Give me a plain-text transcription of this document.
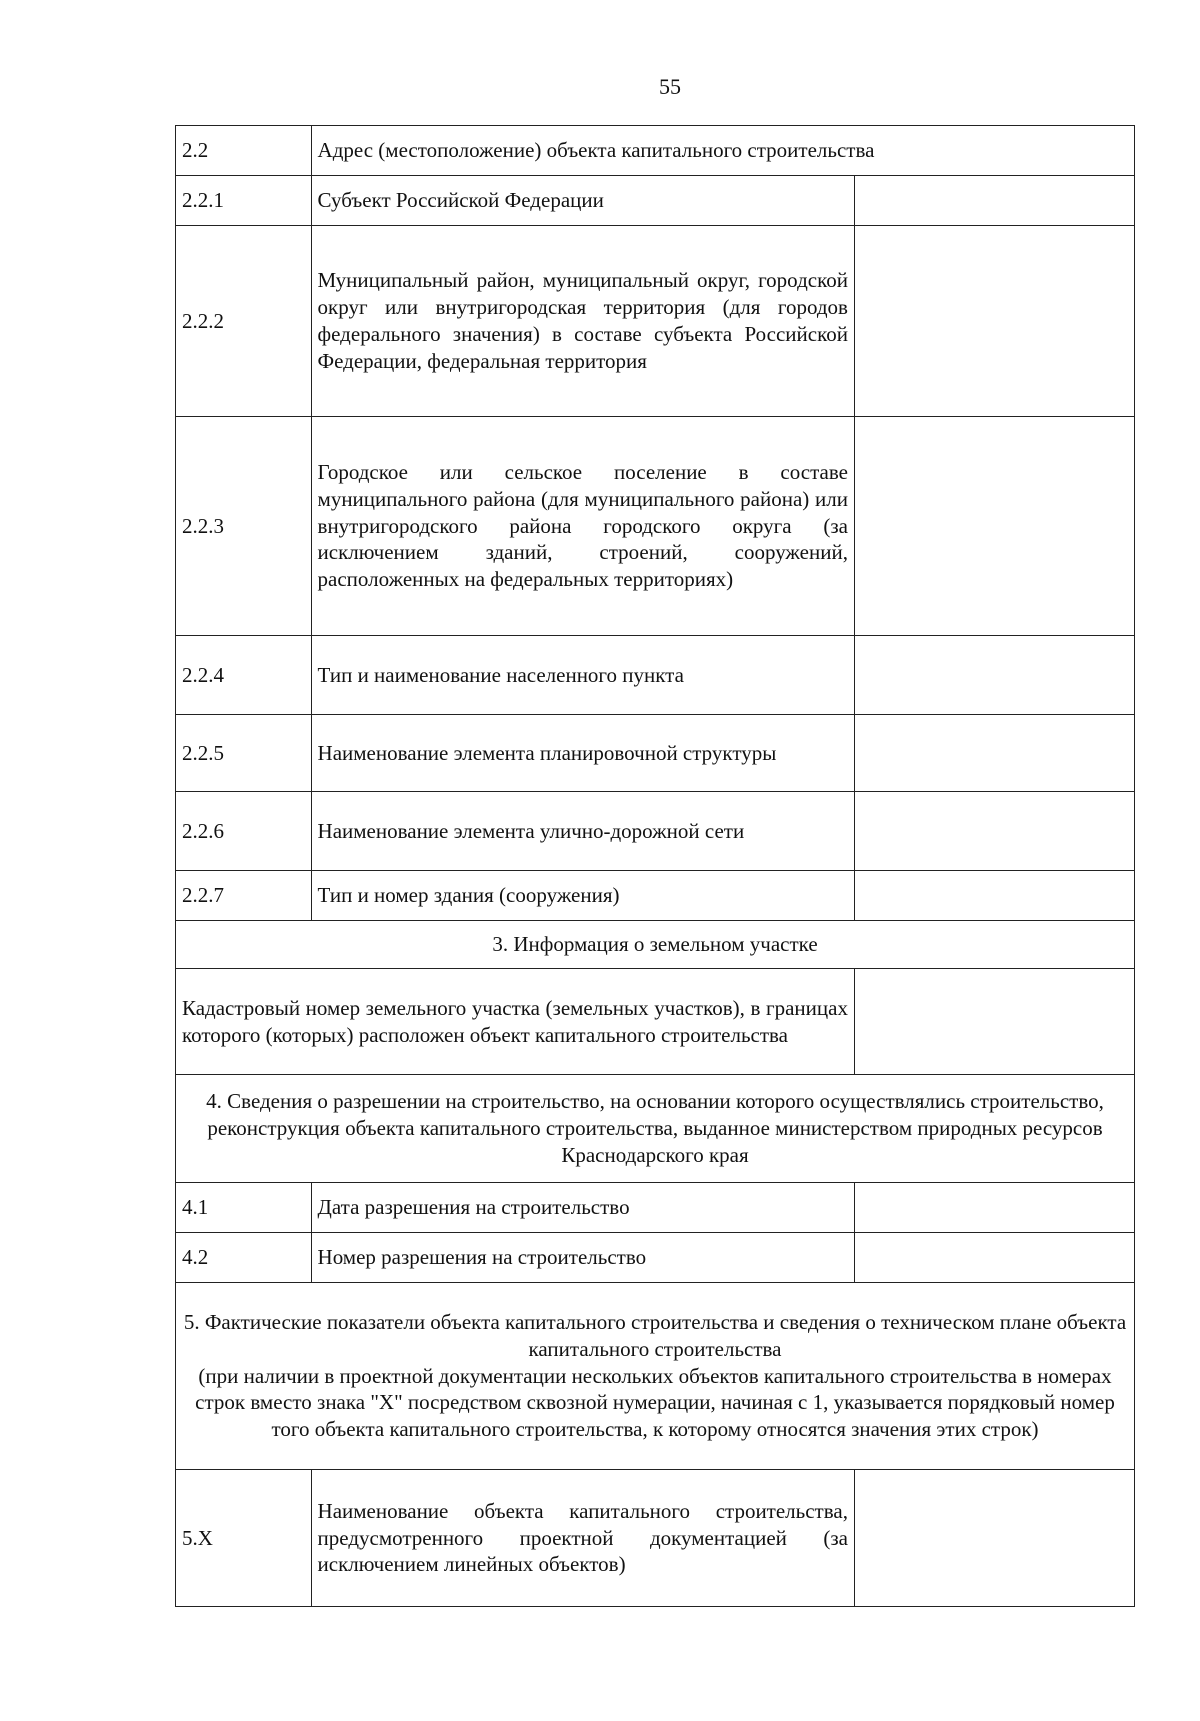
55
2.2	Адрес (местоположение) объекта капитального строительства	
2.2.1	Субъект Российской Федерации	
2.2.2	Муниципальный район, муниципальный округ, городской округ или внутригородская территория (для городов федерального значения) в составе субъекта Российской Федерации, федеральная территория	
2.2.3	Городское или сельское поселение в составе муниципального района (для муниципального района) или внутригородского района городского округа (за исключением зданий, строений, сооружений, расположенных на федеральных территориях)	
2.2.4	Тип и наименование населенного пункта	
2.2.5	Наименование элемента планировочной структуры	
2.2.6	Наименование элемента улично-дорожной сети	
2.2.7	Тип и номер здания (сооружения)	
3. Информация о земельном участке		
Кадастровый номер земельного участка (земельных участков), в границах которого (которых) расположен объект капитального строительства		
4. Сведения о разрешении на строительство, на основании которого осуществлялись строительство, реконструкция объекта капитального строительства, выданное министерством природных ресурсов Краснодарского края		
4.1	Дата разрешения на строительство	
4.2	Номер разрешения на строительство	

5. Фактические показатели объекта капитального строительства и сведения о техническом плане объекта капитального строительства
(при наличии в проектной документации нескольких объектов капитального строительства в номерах строк вместо знака "X" посредством сквозной нумерации, начиная с 1, указывается порядковый номер того объекта капитального строительства, к которому относятся значения этих строк)		

5.X	Наименование объекта капитального строительства, предусмотренного проектной документацией (за исключением линейных объектов)	
